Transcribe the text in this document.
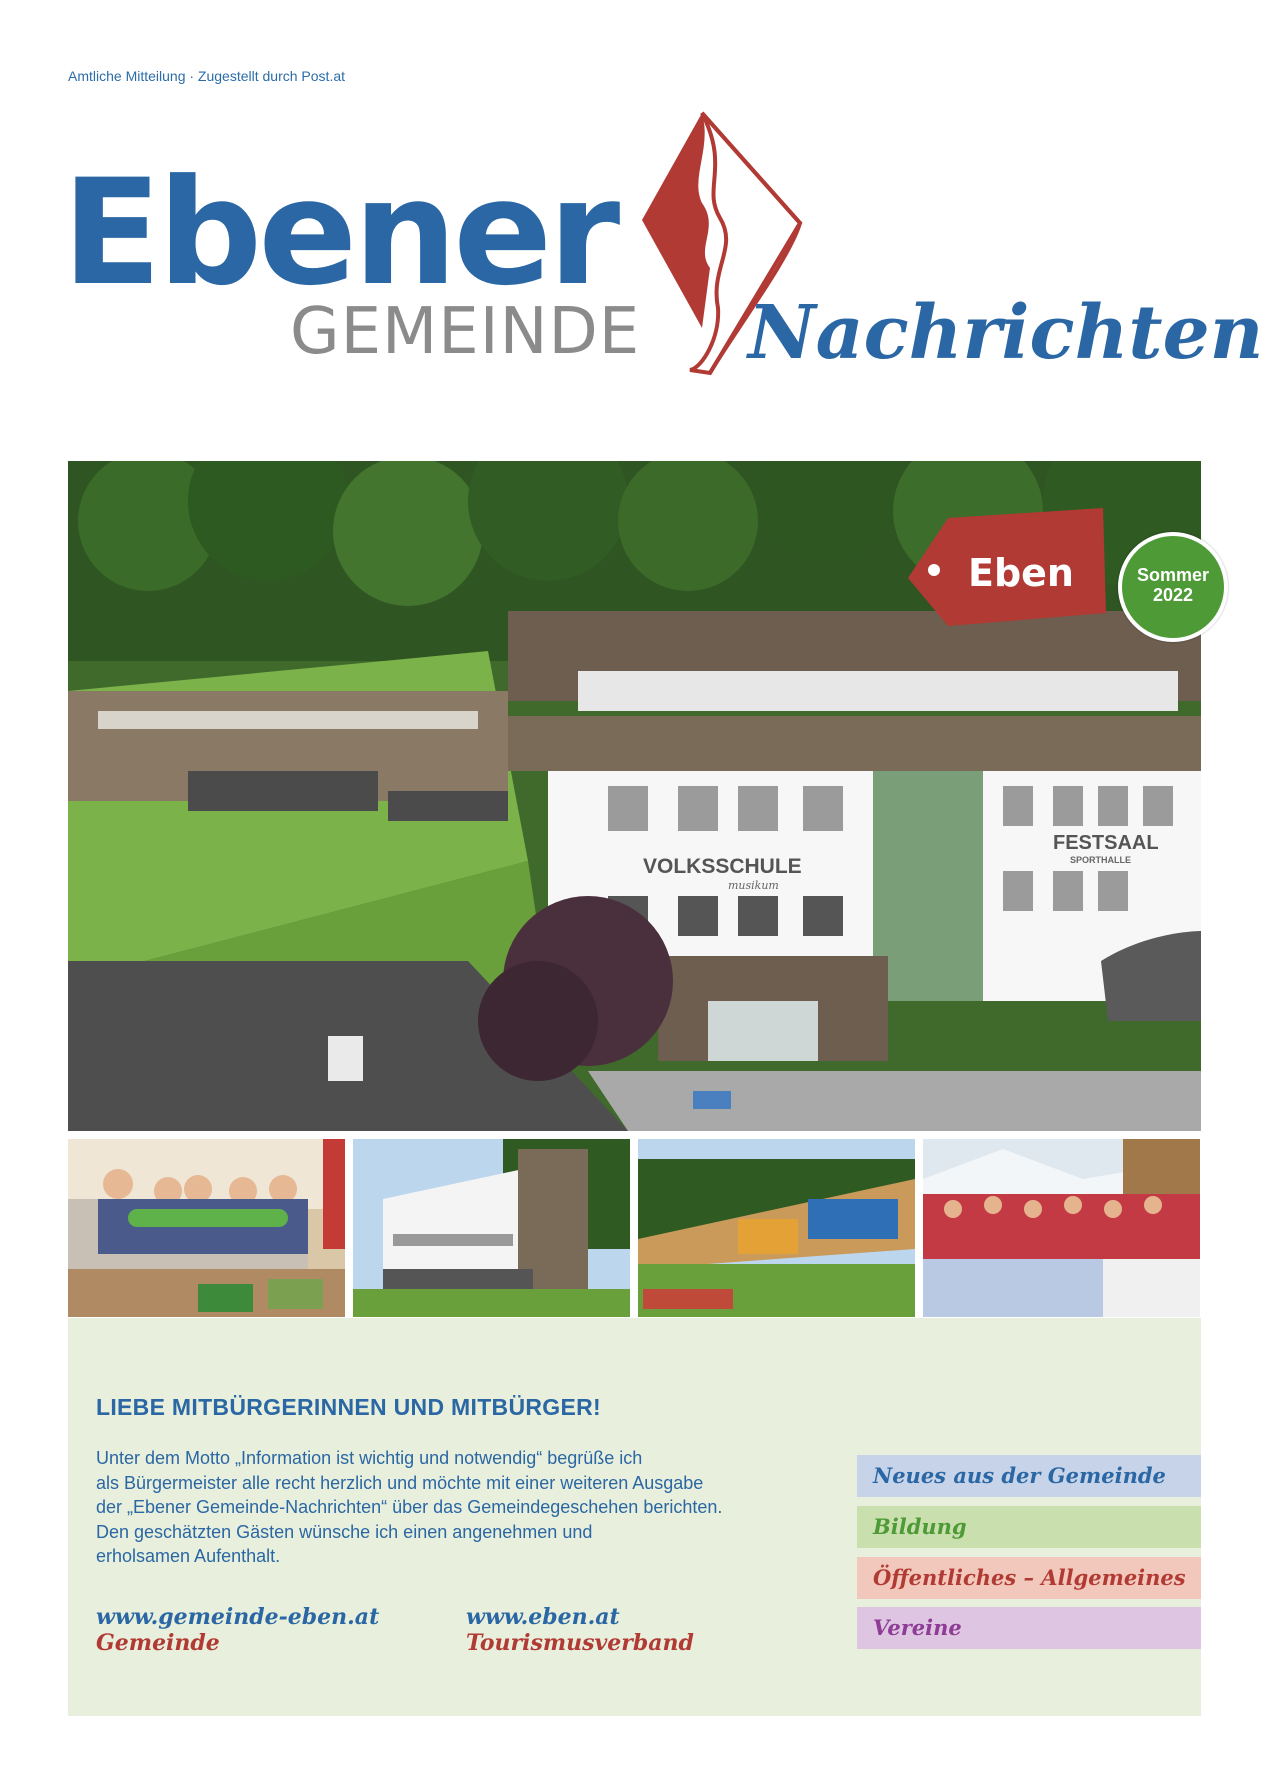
Amtliche Mitteilung · Zugestellt durch Post.at
Ebener
GEMEINDE Nachrichten
VOLKSSCHULE
musikum
FESTSAAL
SPORTHALLE
Eben	Sommer
2022
LIEBE MITBÜRGERINNEN UND MITBÜRGER!
Unter dem Motto „Information ist wichtig und notwendig“ begrüße ich
als Bürgermeister alle recht herzlich und möchte mit einer weiteren Ausgabe
der „Ebener Gemeinde-Nachrichten“ über das Gemeindegeschehen berichten.
Den geschätzten Gästen wünsche ich einen angenehmen und
erholsamen Aufenthalt.
www.gemeinde-eben.at
Gemeinde
www.eben.at
Tourismusverband
Neues aus der Gemeinde
Bildung
Öffentliches – Allgemeines
Vereine
